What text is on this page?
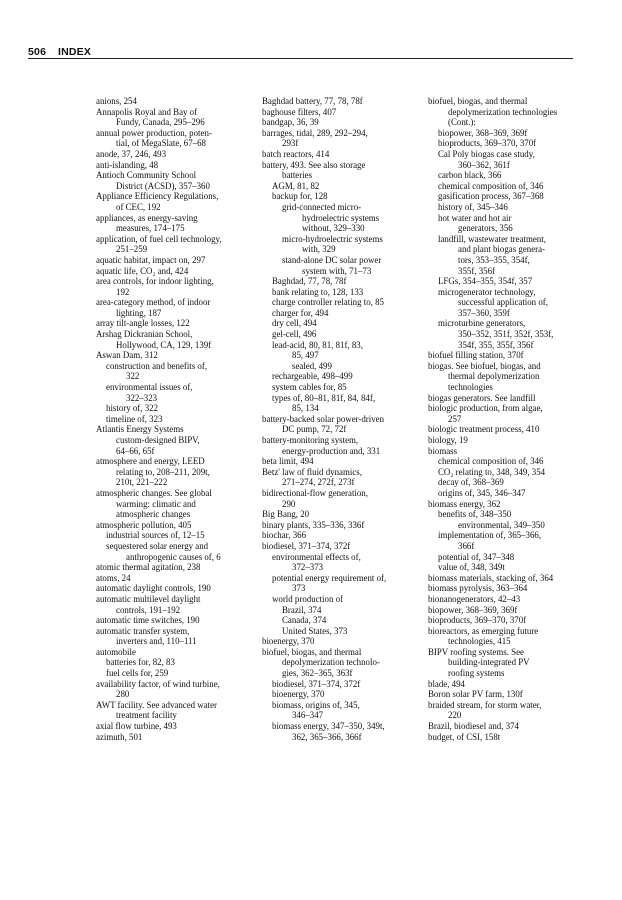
506 INDEX
anions, 254
Annapolis Royal and Bay of
Fundy, Canada, 295–296
annual power production, poten-
tial, of MegaSlate, 67–68
anode, 37, 246, 493
anti-islanding, 48
Antioch Community School
District (ACSD), 357–360
Appliance Efficiency Regulations,
of CEC, 192
appliances, as energy-saving
measures, 174–175
application, of fuel cell technology,
251–259
aquatic habitat, impact on, 297
aquatic life, CO₂ and, 424
area controls, for indoor lighting,
192
area-category method, of indoor
lighting, 187
array tilt-angle losses, 122
Arshag Dickranian School,
Hollywood, CA, 129, 139f
Aswan Dam, 312
construction and benefits of,
322
environmental issues of,
322–323
history of, 322
timeline of, 323
Atlantis Energy Systems
custom-designed BIPV,
64–66, 65f
atmosphere and energy, LEED
relating to, 208–211, 209t,
210t, 221–222
atmospheric changes. See global
warming: climatic and
atmospheric changes
atmospheric pollution, 405
industrial sources of, 12–15
sequestered solar energy and
anthropogenic causes of, 6
atomic thermal agitation, 238
atoms, 24
automatic daylight controls, 190
automatic multilevel daylight
controls, 191–192
automatic time switches, 190
automatic transfer system,
inverters and, 110–111
automobile
batteries for, 82, 83
fuel cells for, 259
availability factor, of wind turbine,
280
AWT facility. See advanced water
treatment facility
axial flow turbine, 493
azimuth, 501
Baghdad battery, 77, 78, 78f
baghouse filters, 407
bandgap, 36, 39
barrages, tidal, 289, 292–294,
293f
batch reactors, 414
battery, 493. See also storage
batteries
AGM, 81, 82
backup for, 128
grid-connected micro-
hydroelectric systems
without, 329–330
micro-hydroelectric systems
with, 329
stand-alone DC solar power
system with, 71–73
Baghdad, 77, 78, 78f
bank relating to, 128, 133
charge controller relating to, 85
charger for, 494
dry cell, 494
gel-cell, 496
lead-acid, 80, 81, 81f, 83,
85, 497
sealed, 499
rechargeable, 498–499
system cables for, 85
types of, 80–81, 81f, 84, 84f,
85, 134
battery-backed solar power-driven
DC pump, 72, 72f
battery-monitoring system,
energy-production and, 331
beta limit, 494
Betz' law of fluid dynamics,
271–274, 272f, 273f
bidirectional-flow generation,
290
Big Bang, 20
binary plants, 335–336, 336f
biochar, 366
biodiesel, 371–374, 372f
environmental effects of,
372–373
potential energy requirement of,
373
world production of
Brazil, 374
Canada, 374
United States, 373
bioenergy, 370
biofuel, biogas, and thermal
depolymerization technolo-
gies, 362–365, 363f
biodiesel, 371–374, 372f
bioenergy, 370
biomass, origins of, 345,
346–347
biomass energy, 347–350, 349t,
362, 365–366, 366f
biofuel, biogas, and thermal
depolymerization technologies
(Cont.):
biopower, 368–369, 369f
bioproducts, 369–370, 370f
Cal Poly biogas case study,
360–362, 361f
carbon black, 366
chemical composition of, 346
gasification process, 367–368
history of, 345–346
hot water and hot air
generators, 356
landfill, wastewater treatment,
and plant biogas genera-
tors, 353–355, 354f,
355f, 356f
LFGs, 354–355, 354f, 357
microgenerator technology,
successful application of,
357–360, 359f
microturbine generators,
350–352, 351f, 352f, 353f,
354f, 355, 355f, 356f
biofuel filling station, 370f
biogas. See biofuel, biogas, and
thermal depolymerization
technologies
biogas generators. See landfill
biologic production, from algae,
257
biologic treatment process, 410
biology, 19
biomass
chemical composition of, 346
CO₂ relating to, 348, 349, 354
decay of, 368–369
origins of, 345, 346–347
biomass energy, 362
benefits of, 348–350
environmental, 349–350
implementation of, 365–366,
366f
potential of, 347–348
value of, 348, 349t
biomass materials, stacking of, 364
biomass pyrolysis, 363–364
bionanogenerators, 42–43
biopower, 368–369, 369f
bioproducts, 369–370, 370f
bioreactors, as emerging future
technologies, 415
BIPV roofing systems. See
building-integrated PV
roofing systems
blade, 494
Boron solar PV farm, 130f
braided stream, for storm water,
220
Brazil, biodiesel and, 374
budget, of CSI, 158t
